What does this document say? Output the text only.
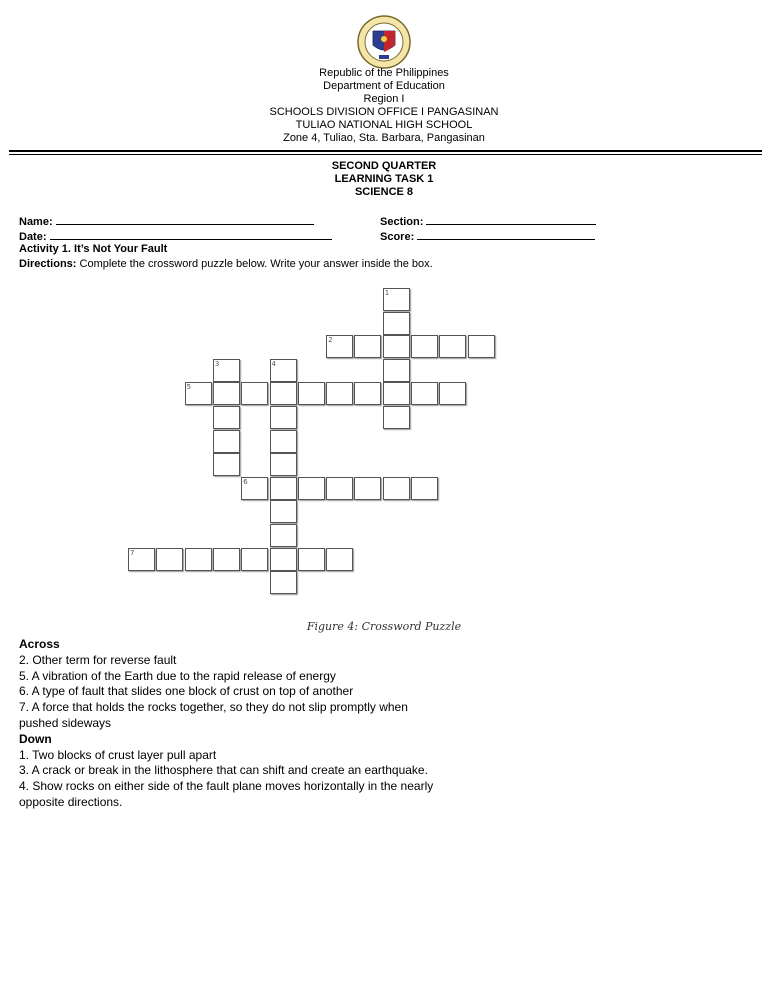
Republic of the Philippines
Department of Education
Region I
SCHOOLS DIVISION OFFICE I PANGASINAN
TULIAO NATIONAL HIGH SCHOOL
Zone 4, Tuliao, Sta. Barbara, Pangasinan
SECOND QUARTER
LEARNING TASK 1
SCIENCE 8
Name:	Section:
Date:	Score:
Activity 1. It’s Not Your Fault
Directions: Complete the crossword puzzle below. Write your answer inside the box.
1
2
3	4
5
6
7
Figure 4: Crossword Puzzle
Across
2. Other term for reverse fault
5. A vibration of the Earth due to the rapid release of energy
6. A type of fault that slides one block of crust on top of another
7. A force that holds the rocks together, so they do not slip promptly when pushed sideways
Down
1. Two blocks of crust layer pull apart
3. A crack or break in the lithosphere that can shift and create an earthquake.
4. Show rocks on either side of the fault plane moves horizontally in the nearly opposite directions.
